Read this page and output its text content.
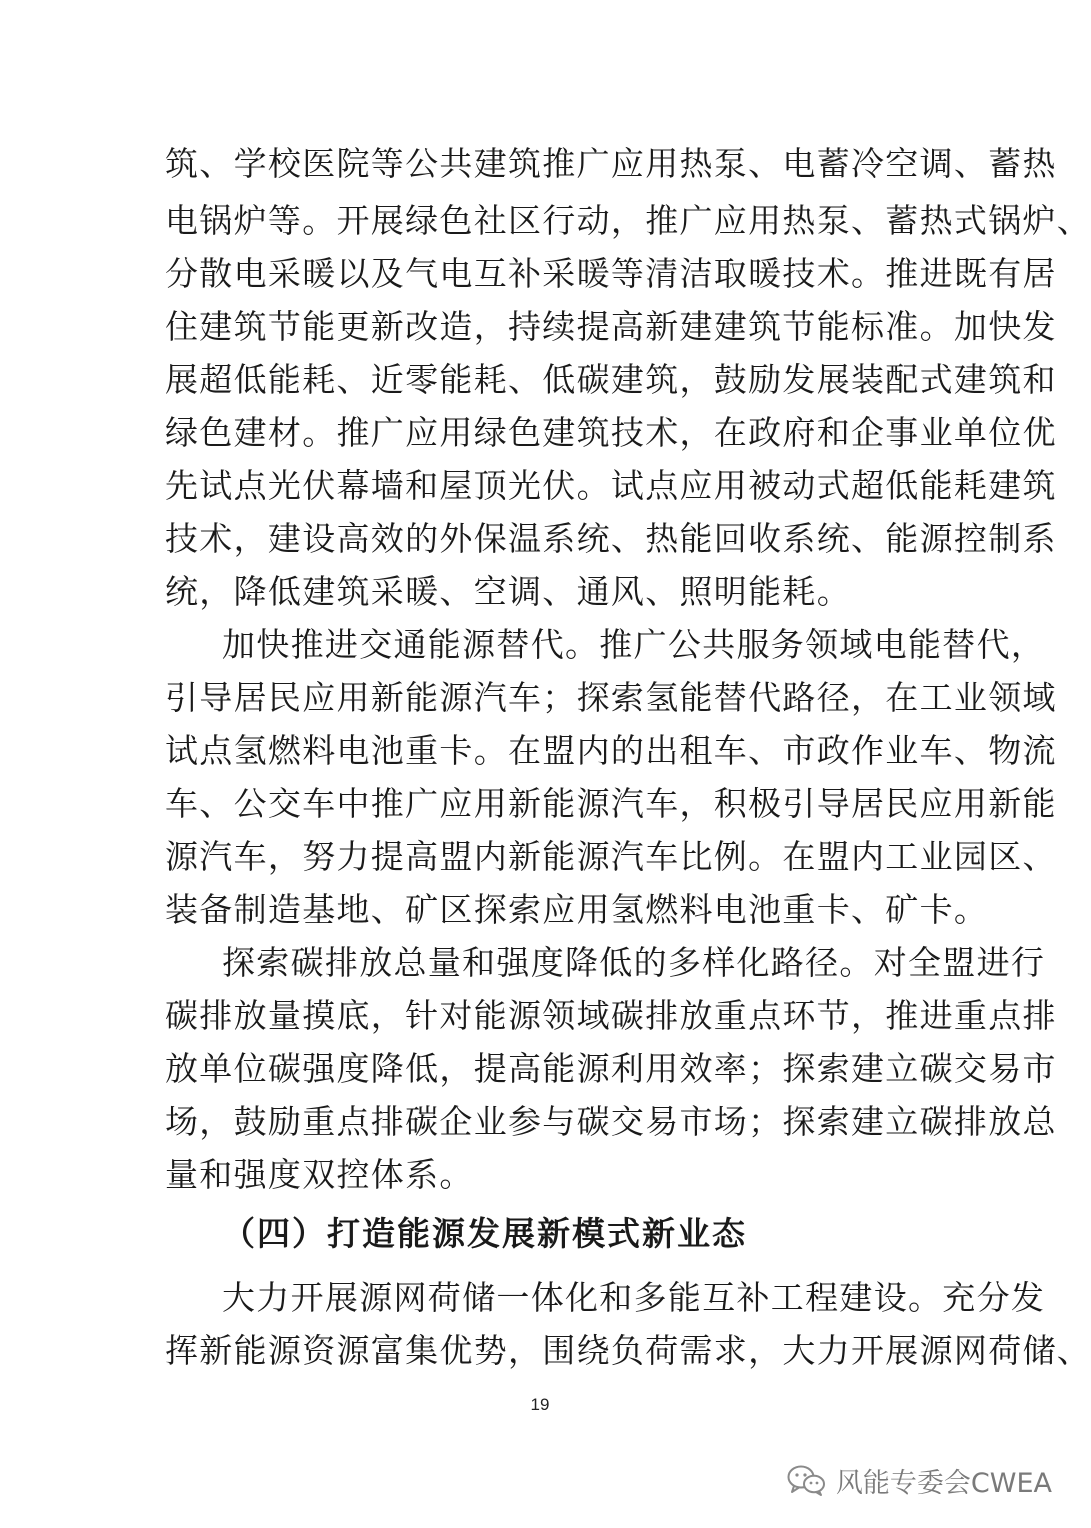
筑、学校医院等公共建筑推广应用热泵、电蓄冷空调、蓄热
电锅炉等。开展绿色社区行动，推广应用热泵、蓄热式锅炉、
分散电采暖以及气电互补采暖等清洁取暖技术。推进既有居
住建筑节能更新改造，持续提高新建建筑节能标准。加快发
展超低能耗、近零能耗、低碳建筑，鼓励发展装配式建筑和
绿色建材。推广应用绿色建筑技术，在政府和企事业单位优
先试点光伏幕墙和屋顶光伏。试点应用被动式超低能耗建筑
技术，建设高效的外保温系统、热能回收系统、能源控制系
统，降低建筑采暖、空调、通风、照明能耗。
加快推进交通能源替代。推广公共服务领域电能替代，
引导居民应用新能源汽车；探索氢能替代路径，在工业领域
试点氢燃料电池重卡。在盟内的出租车、市政作业车、物流
车、公交车中推广应用新能源汽车，积极引导居民应用新能
源汽车，努力提高盟内新能源汽车比例。在盟内工业园区、
装备制造基地、矿区探索应用氢燃料电池重卡、矿卡。
探索碳排放总量和强度降低的多样化路径。对全盟进行
碳排放量摸底，针对能源领域碳排放重点环节，推进重点排
放单位碳强度降低，提高能源利用效率；探索建立碳交易市
场，鼓励重点排碳企业参与碳交易市场；探索建立碳排放总
量和强度双控体系。
（四）打造能源发展新模式新业态
大力开展源网荷储一体化和多能互补工程建设。充分发
挥新能源资源富集优势，围绕负荷需求，大力开展源网荷储、
19
风能专委会CWEA
